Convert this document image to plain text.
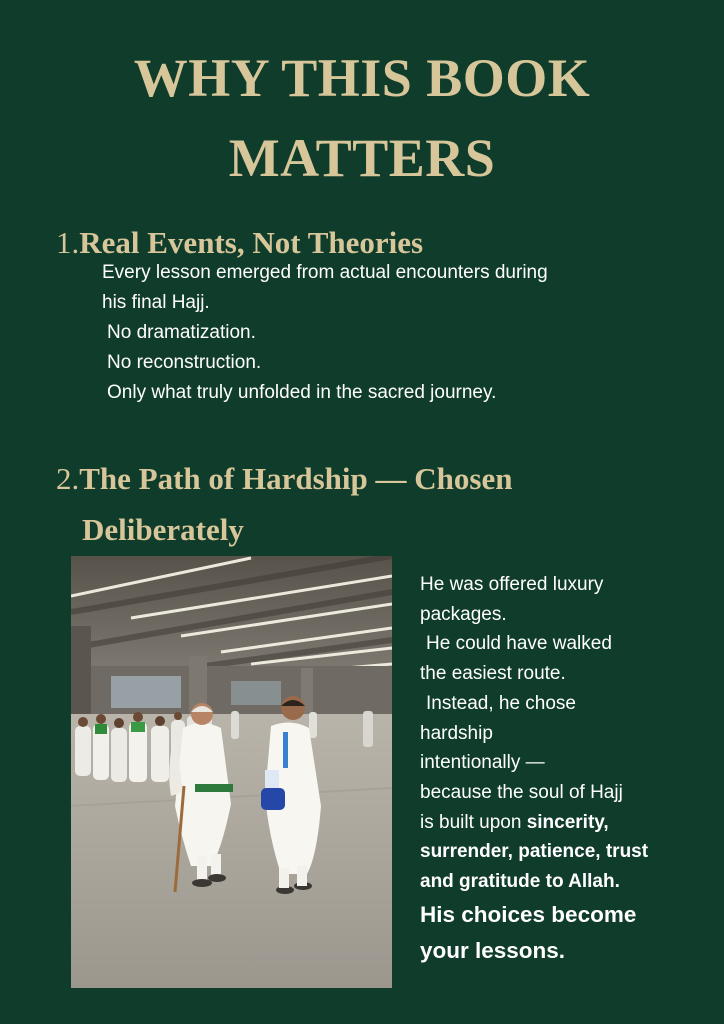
WHY THIS BOOK
MATTERS
1.Real Events, Not Theories
Every lesson emerged from actual encounters during
his final Hajj.
No dramatization.
No reconstruction.
Only what truly unfolded in the sacred journey.
2.The Path of Hardship — Chosen
Deliberately
He was offered luxury
packages.
He could have walked
the easiest route.
Instead, he chose
hardship
intentionally —
because the soul of Hajj
is built upon sincerity,
surrender, patience, trust
and gratitude to Allah.
His choices become
your lessons.
